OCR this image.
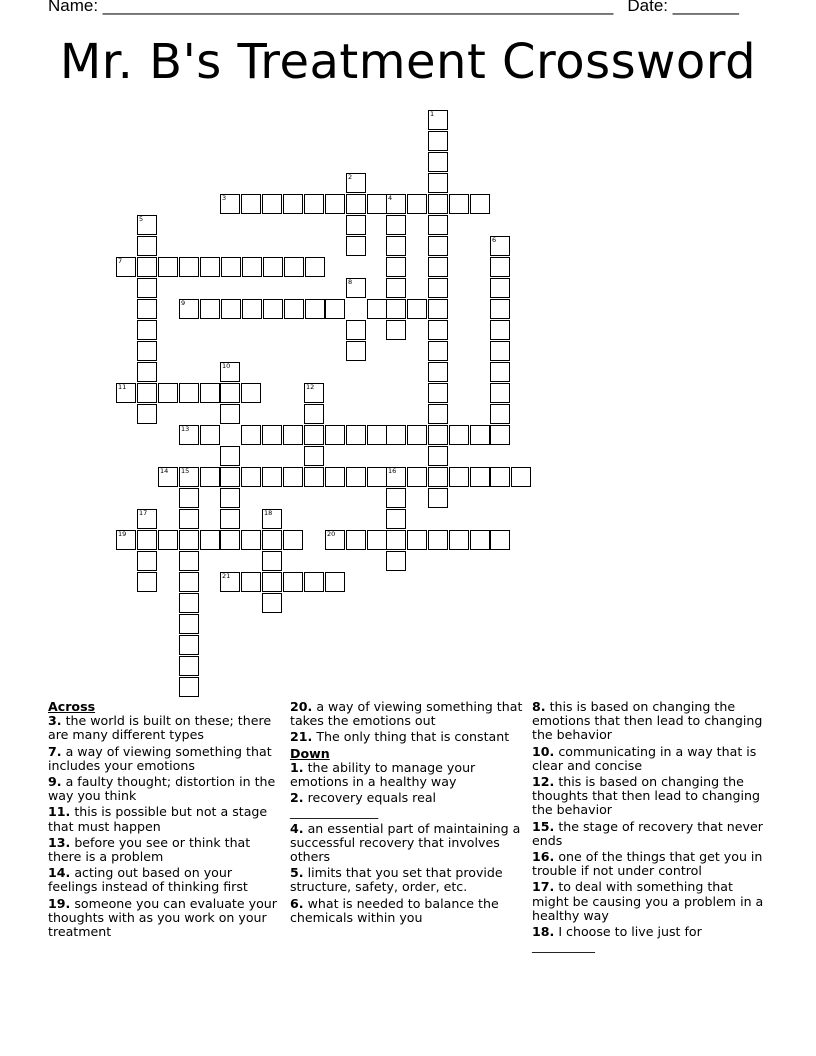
Name: ______________________________________________________ Date: _______
Mr. B's Treatment Crossword
1
3	4
2
5
6
7
8
9
10
11	12
13
14 15	16
17	18
19	20
21
Across
3. the world is built on these; there are many different types
7. a way of viewing something that includes your emotions
9. a faulty thought; distortion in the way you think
11. this is possible but not a stage that must happen
13. before you see or think that there is a problem
14. acting out based on your feelings instead of thinking first
19. someone you can evaluate your thoughts with as you work on your treatment
20. a way of viewing something that takes the emotions out
21. The only thing that is constant
Down
1. the ability to manage your emotions in a healthy way
2. recovery equals real ______________
4. an essential part of maintaining a successful recovery that involves others
5. limits that you set that provide structure, safety, order, etc.
6. what is needed to balance the chemicals within you
8. this is based on changing the emotions that then lead to changing the behavior
10. communicating in a way that is clear and concise
12. this is based on changing the thoughts that then lead to changing the behavior
15. the stage of recovery that never ends
16. one of the things that get you in trouble if not under control
17. to deal with something that might be causing you a problem in a healthy way
18. I choose to live just for __________
